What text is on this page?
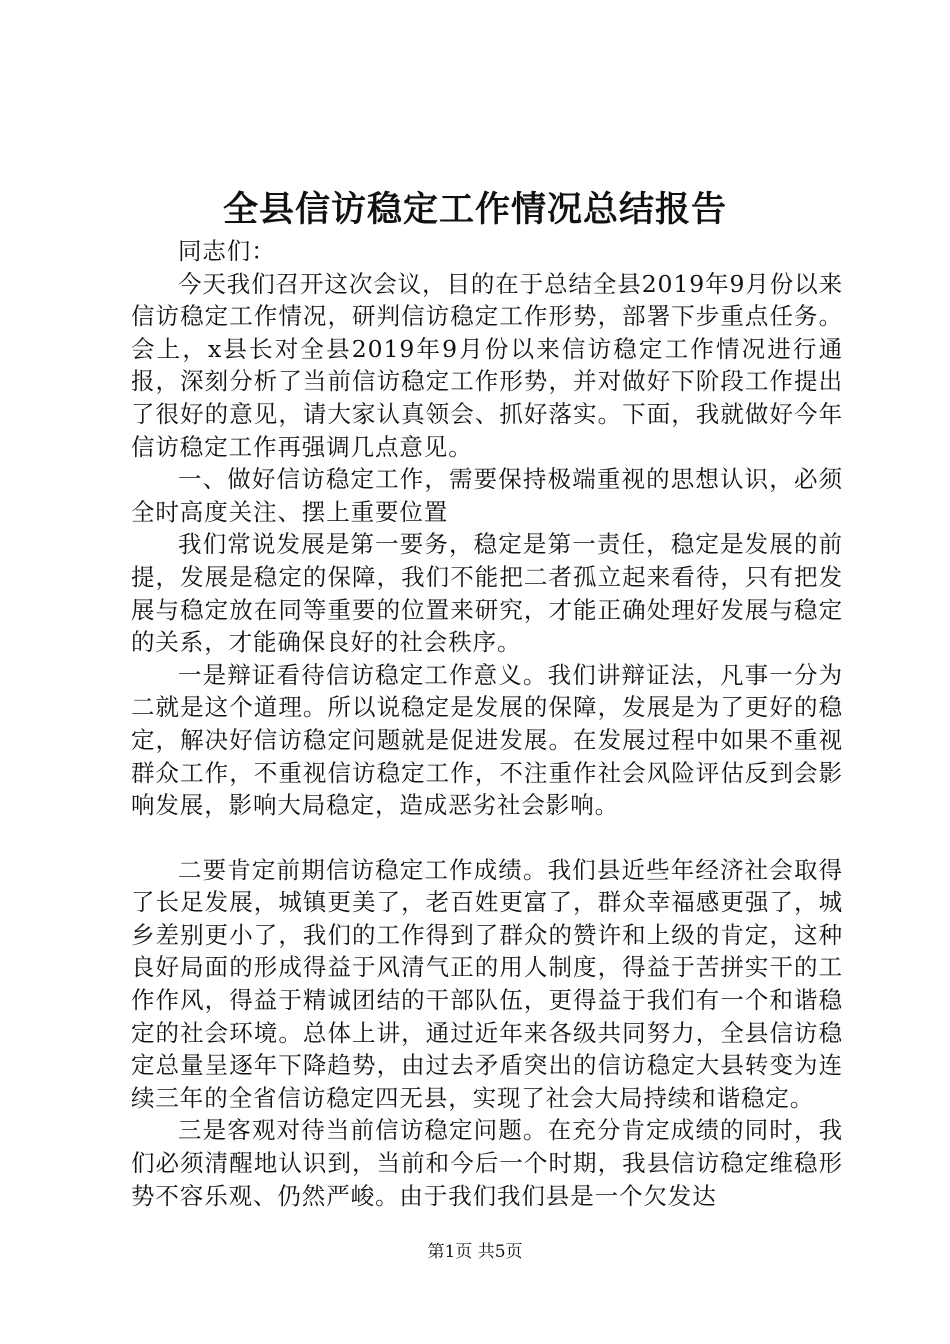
全县信访稳定工作情况总结报告

同志们：

今天我们召开这次会议，目的在于总结全县2019年9月份以来信访稳定工作情况，研判信访稳定工作形势，部署下步重点任务。会上，x县长对全县2019年9月份以来信访稳定工作情况进行通报，深刻分析了当前信访稳定工作形势，并对做好下阶段工作提出了很好的意见，请大家认真领会、抓好落实。下面，我就做好今年信访稳定工作再强调几点意见。

一、做好信访稳定工作，需要保持极端重视的思想认识，必须全时高度关注、摆上重要位置

我们常说发展是第一要务，稳定是第一责任，稳定是发展的前提，发展是稳定的保障，我们不能把二者孤立起来看待，只有把发展与稳定放在同等重要的位置来研究，才能正确处理好发展与稳定的关系，才能确保良好的社会秩序。

一是辩证看待信访稳定工作意义。我们讲辩证法，凡事一分为二就是这个道理。所以说稳定是发展的保障，发展是为了更好的稳定，解决好信访稳定问题就是促进发展。在发展过程中如果不重视群众工作，不重视信访稳定工作，不注重作社会风险评估反到会影响发展，影响大局稳定，造成恶劣社会影响。

二要肯定前期信访稳定工作成绩。我们县近些年经济社会取得了长足发展，城镇更美了，老百姓更富了，群众幸福感更强了，城乡差别更小了，我们的工作得到了群众的赞许和上级的肯定，这种良好局面的形成得益于风清气正的用人制度，得益于苦拼实干的工作作风，得益于精诚团结的干部队伍，更得益于我们有一个和谐稳定的社会环境。总体上讲，通过近年来各级共同努力，全县信访稳定总量呈逐年下降趋势，由过去矛盾突出的信访稳定大县转变为连续三年的全省信访稳定四无县，实现了社会大局持续和谐稳定。

三是客观对待当前信访稳定问题。在充分肯定成绩的同时，我们必须清醒地认识到，当前和今后一个时期，我县信访稳定维稳形势不容乐观、仍然严峻。由于我们我们县是一个欠发达

第1页 共5页
